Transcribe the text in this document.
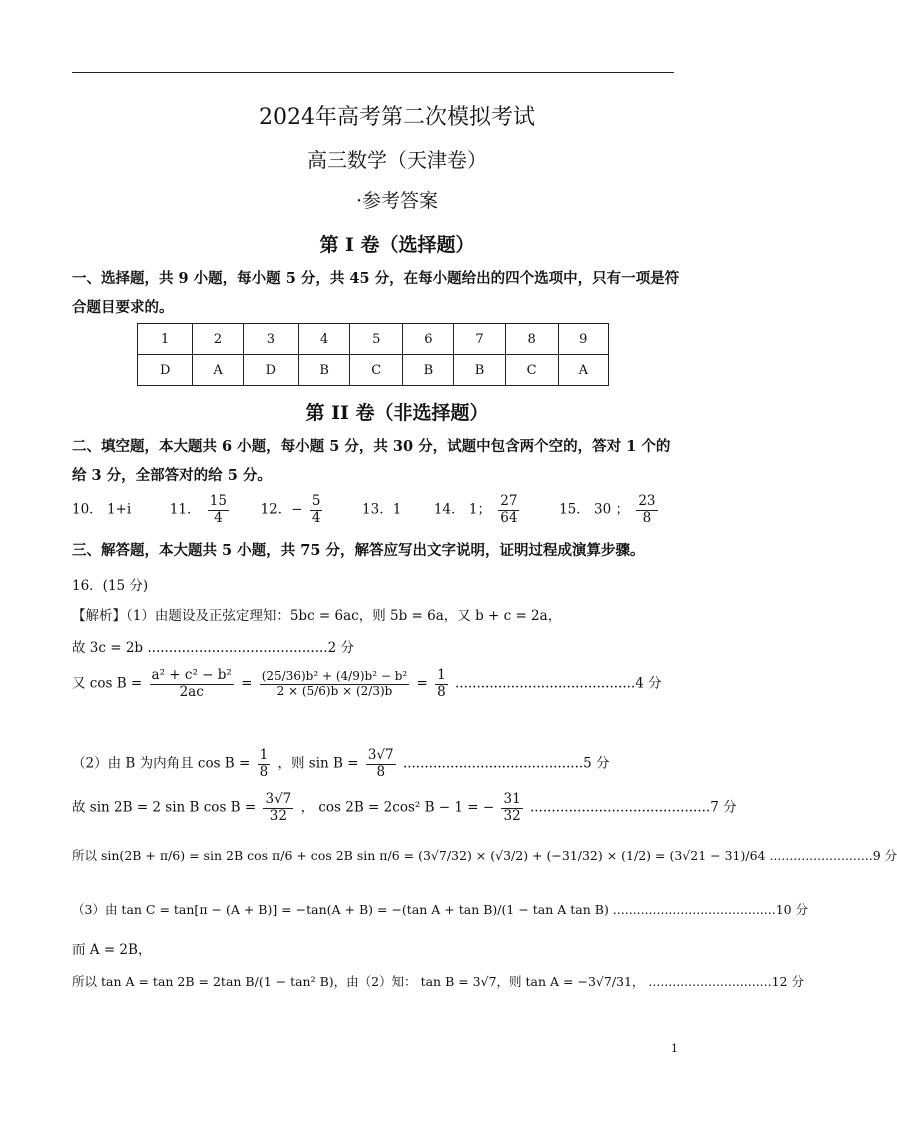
2024年高考第二次模拟考试
高三数学（天津卷）
·参考答案
第 I 卷（选择题）
一、选择题，共 9 小题，每小题 5 分，共 45 分，在每小题给出的四个选项中，只有一项是符合题目要求的。
1	2	3	4	5	6	7	8	9
D	A	D	B	C	B	B	C	A
第 II 卷（非选择题）
二、填空题，本大题共 6 小题，每小题 5 分，共 30 分，试题中包含两个空的，答对 1 个的给 3 分，全部答对的给 5 分。
10． 1+i	11． $\frac{15}{4} 12$．− $\frac{5}{4}$	13．1 14． 1； $\frac{27}{64}$	15． 30 ； $\frac{23}{8}$
三、解答题，本大题共 5 小题，共 75 分，解答应写出文字说明，证明过程成演算步骤。
16．(15 分)
【解析】（1）由题设及正弦定理知：5bc = 6ac，则 5b = 6a，又 b + c = 2a，
故 3c = 2b ..........................................2 分
又 $\cos B = \frac{\text{a² + c² − b²}}{2ac} = \frac{\text{(25/36)b² + (4/9)b² − b²}}{2 \times (5/6)b \times (2/3)b} = \frac{1}{8} ..........................................4$ 分
（2）由 B 为内角且 $\cos B = \frac{1}{8}$ ，则 $\sin B = \frac{3√7}{8} ..........................................5$ 分
故 sin 2B = 2 sin B $\cos B = \frac{3√7}{32}$ ， cos 2B = 2cos² B − 1 = − $\frac{31}{32} ..........................................7$ 分
所以 sin(2B + π/6) = sin 2B cos π/6 + cos 2B sin π/6 = (3√7/32) × (√3/2) + (−31/32) × (1/2) = (3√21 − 31)/64 ..........................9 分
（3）由 tan C = tan[π − (A + B)] = −tan(A + B) = −(tan A + tan B)/(1 − tan A tan B) .........................................10 分
而 A = 2B，
所以 tan A = tan 2B = 2tan B/(1 − tan² B)，由（2）知： tan B = 3√7，则 tan A = −3√7/31， ...............................12 分
1
